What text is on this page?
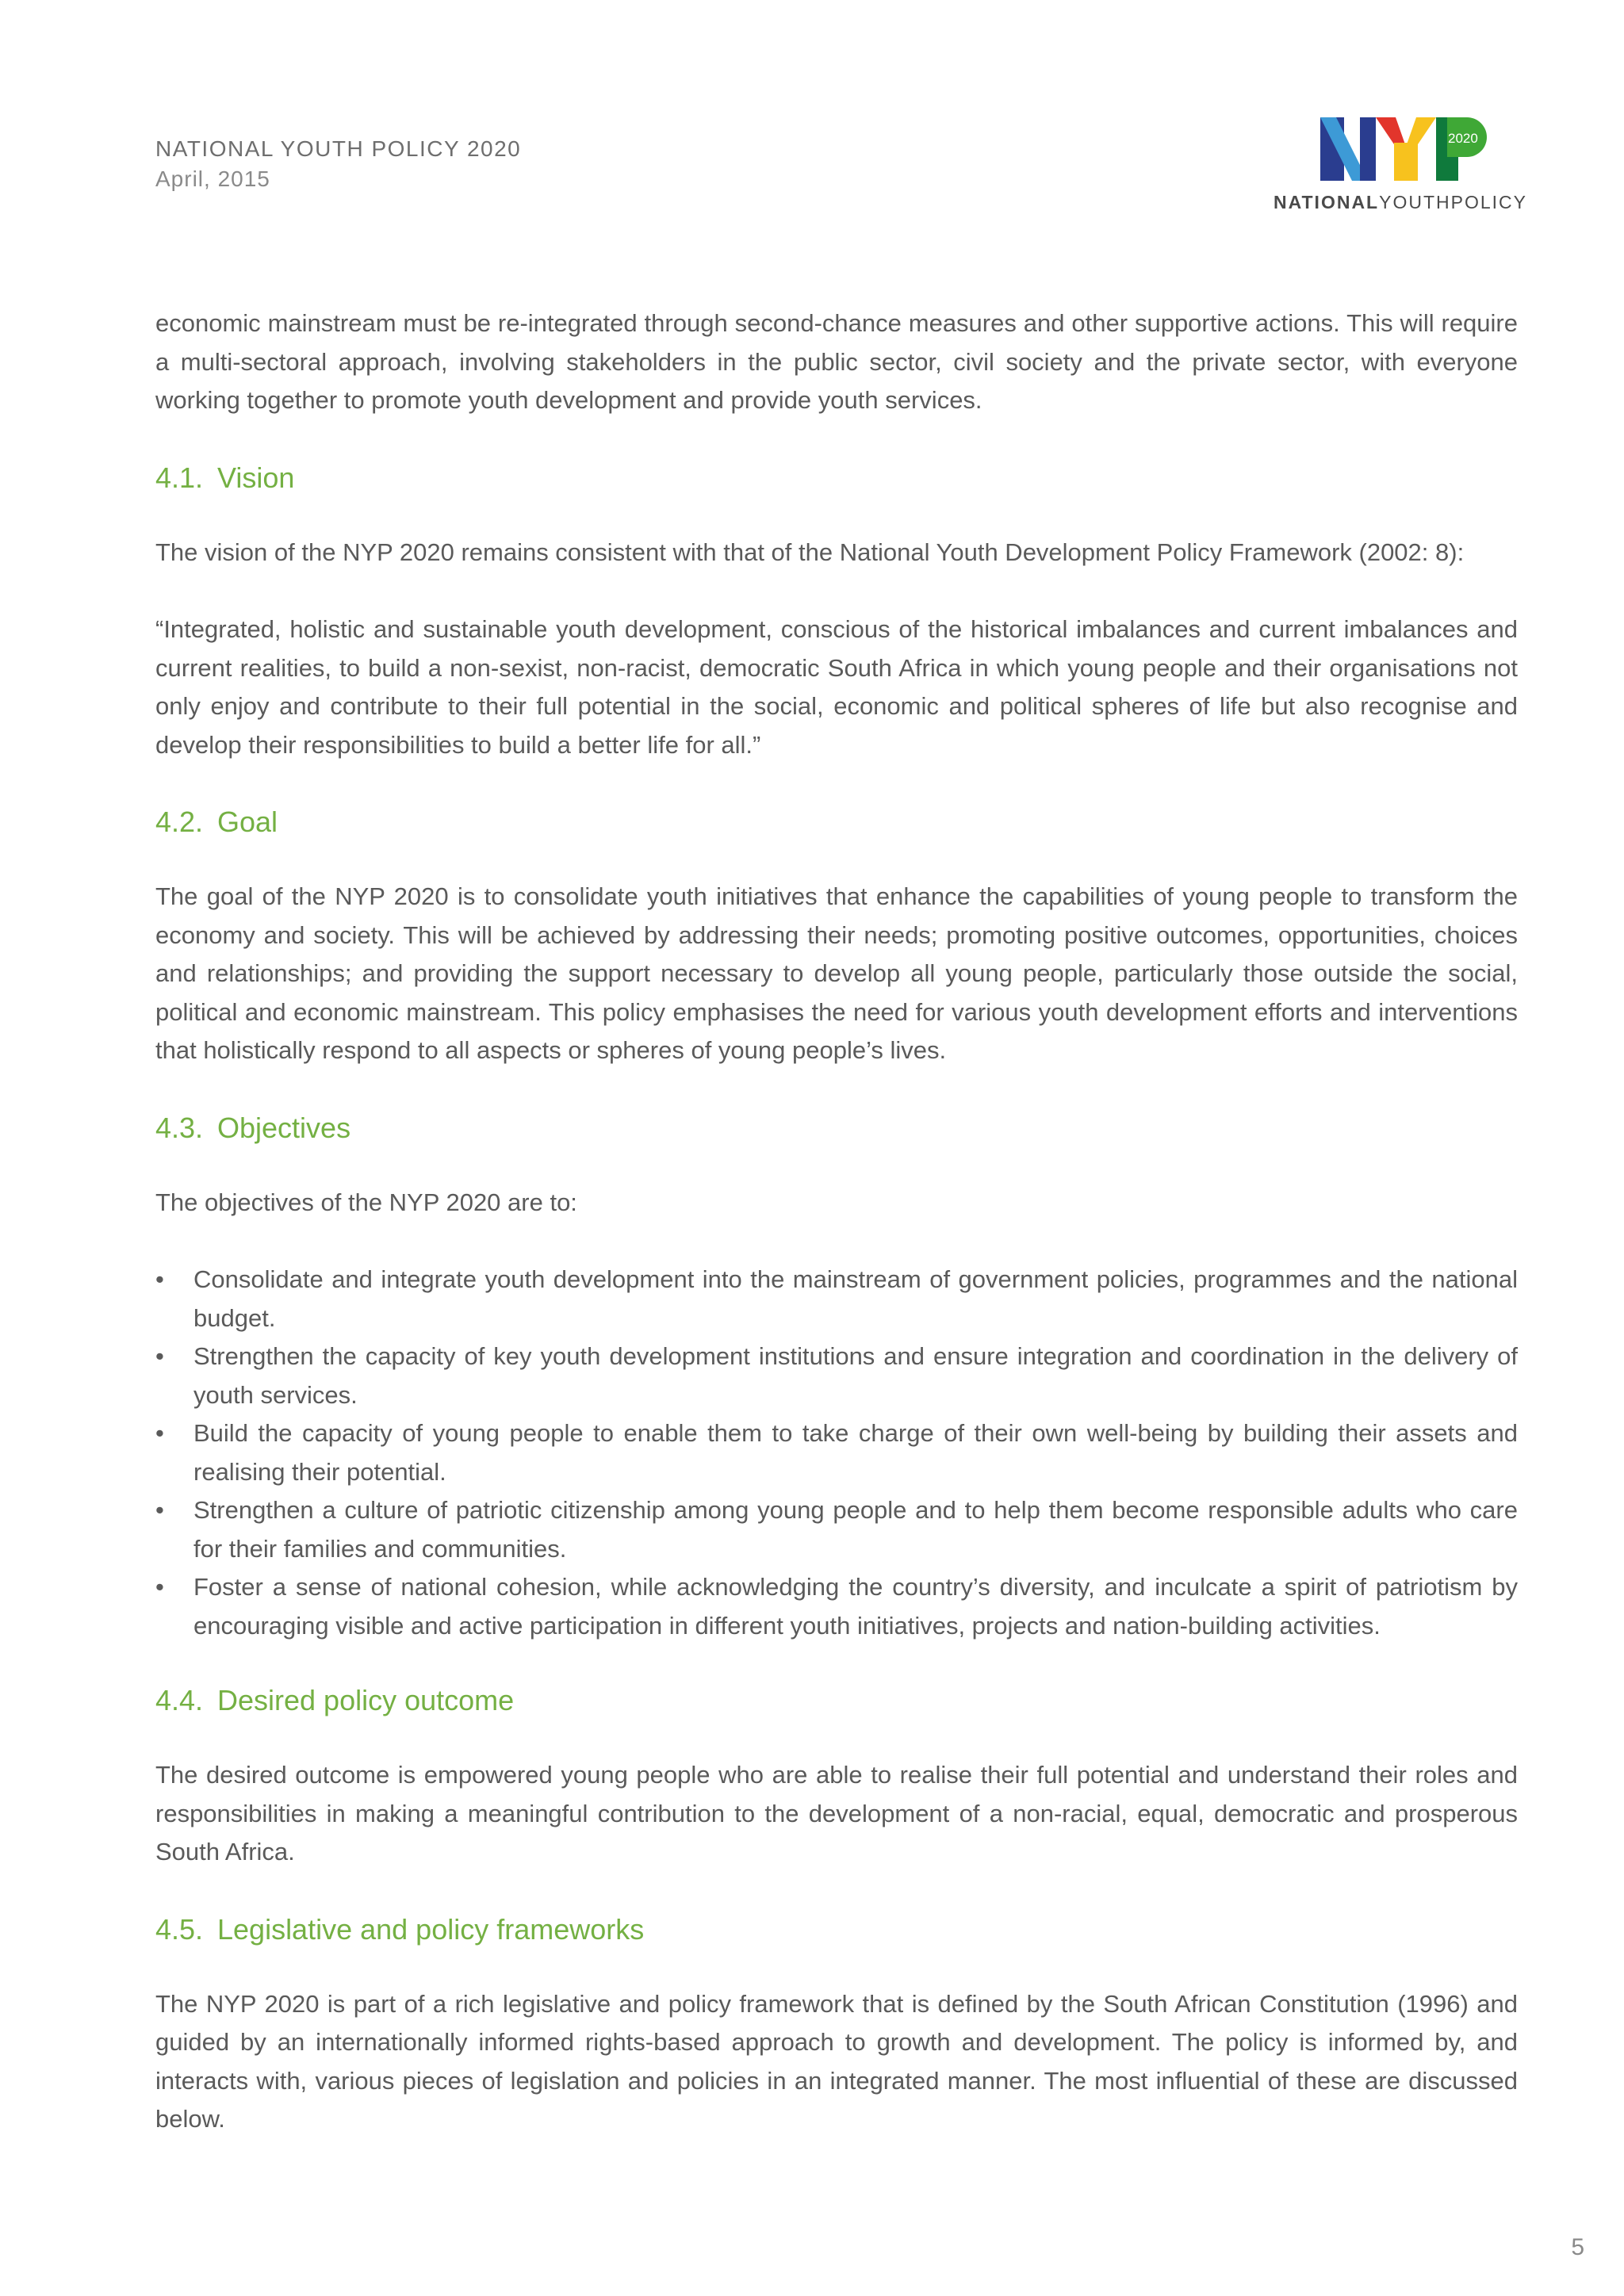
NATIONAL YOUTH POLICY 2020

April, 2015

2020
NATIONALYOUTHPOLICY

economic mainstream must be re-integrated through second-chance measures and other supportive actions. This will require a multi-sectoral approach, involving stakeholders in the public sector, civil society and the private sector, with everyone working together to promote youth development and provide youth services.

4.1. Vision

The vision of the NYP 2020 remains consistent with that of the National Youth Development Policy Framework (2002: 8):

“Integrated, holistic and sustainable youth development, conscious of the historical imbalances and current imbalances and current realities, to build a non-sexist, non-racist, democratic South Africa in which young people and their organisations not only enjoy and contribute to their full potential in the social, economic and political spheres of life but also recognise and develop their responsibilities to build a better life for all.”

4.2. Goal

The goal of the NYP 2020 is to consolidate youth initiatives that enhance the capabilities of young people to transform the economy and society. This will be achieved by addressing their needs; promoting positive outcomes, opportunities, choices and relationships; and providing the support necessary to develop all young people, particularly those outside the social, political and economic mainstream. This policy emphasises the need for various youth development efforts and interventions that holistically respond to all aspects or spheres of young people’s lives.

4.3. Objectives

The objectives of the NYP 2020 are to:

• Consolidate and integrate youth development into the mainstream of government policies, programmes and the national budget.
• Strengthen the capacity of key youth development institutions and ensure integration and coordination in the delivery of youth services.
• Build the capacity of young people to enable them to take charge of their own well-being by building their assets and realising their potential.
• Strengthen a culture of patriotic citizenship among young people and to help them become responsible adults who care for their families and communities.
• Foster a sense of national cohesion, while acknowledging the country’s diversity, and inculcate a spirit of patriotism by encouraging visible and active participation in different youth initiatives, projects and nation-building activities.
4.4. Desired policy outcome

The desired outcome is empowered young people who are able to realise their full potential and understand their roles and responsibilities in making a meaningful contribution to the development of a non-racial, equal, democratic and prosperous South Africa.

4.5. Legislative and policy frameworks

The NYP 2020 is part of a rich legislative and policy framework that is defined by the South African Constitution (1996) and guided by an internationally informed rights-based approach to growth and development. The policy is informed by, and interacts with, various pieces of legislation and policies in an integrated manner. The most influential of these are discussed below.

5
